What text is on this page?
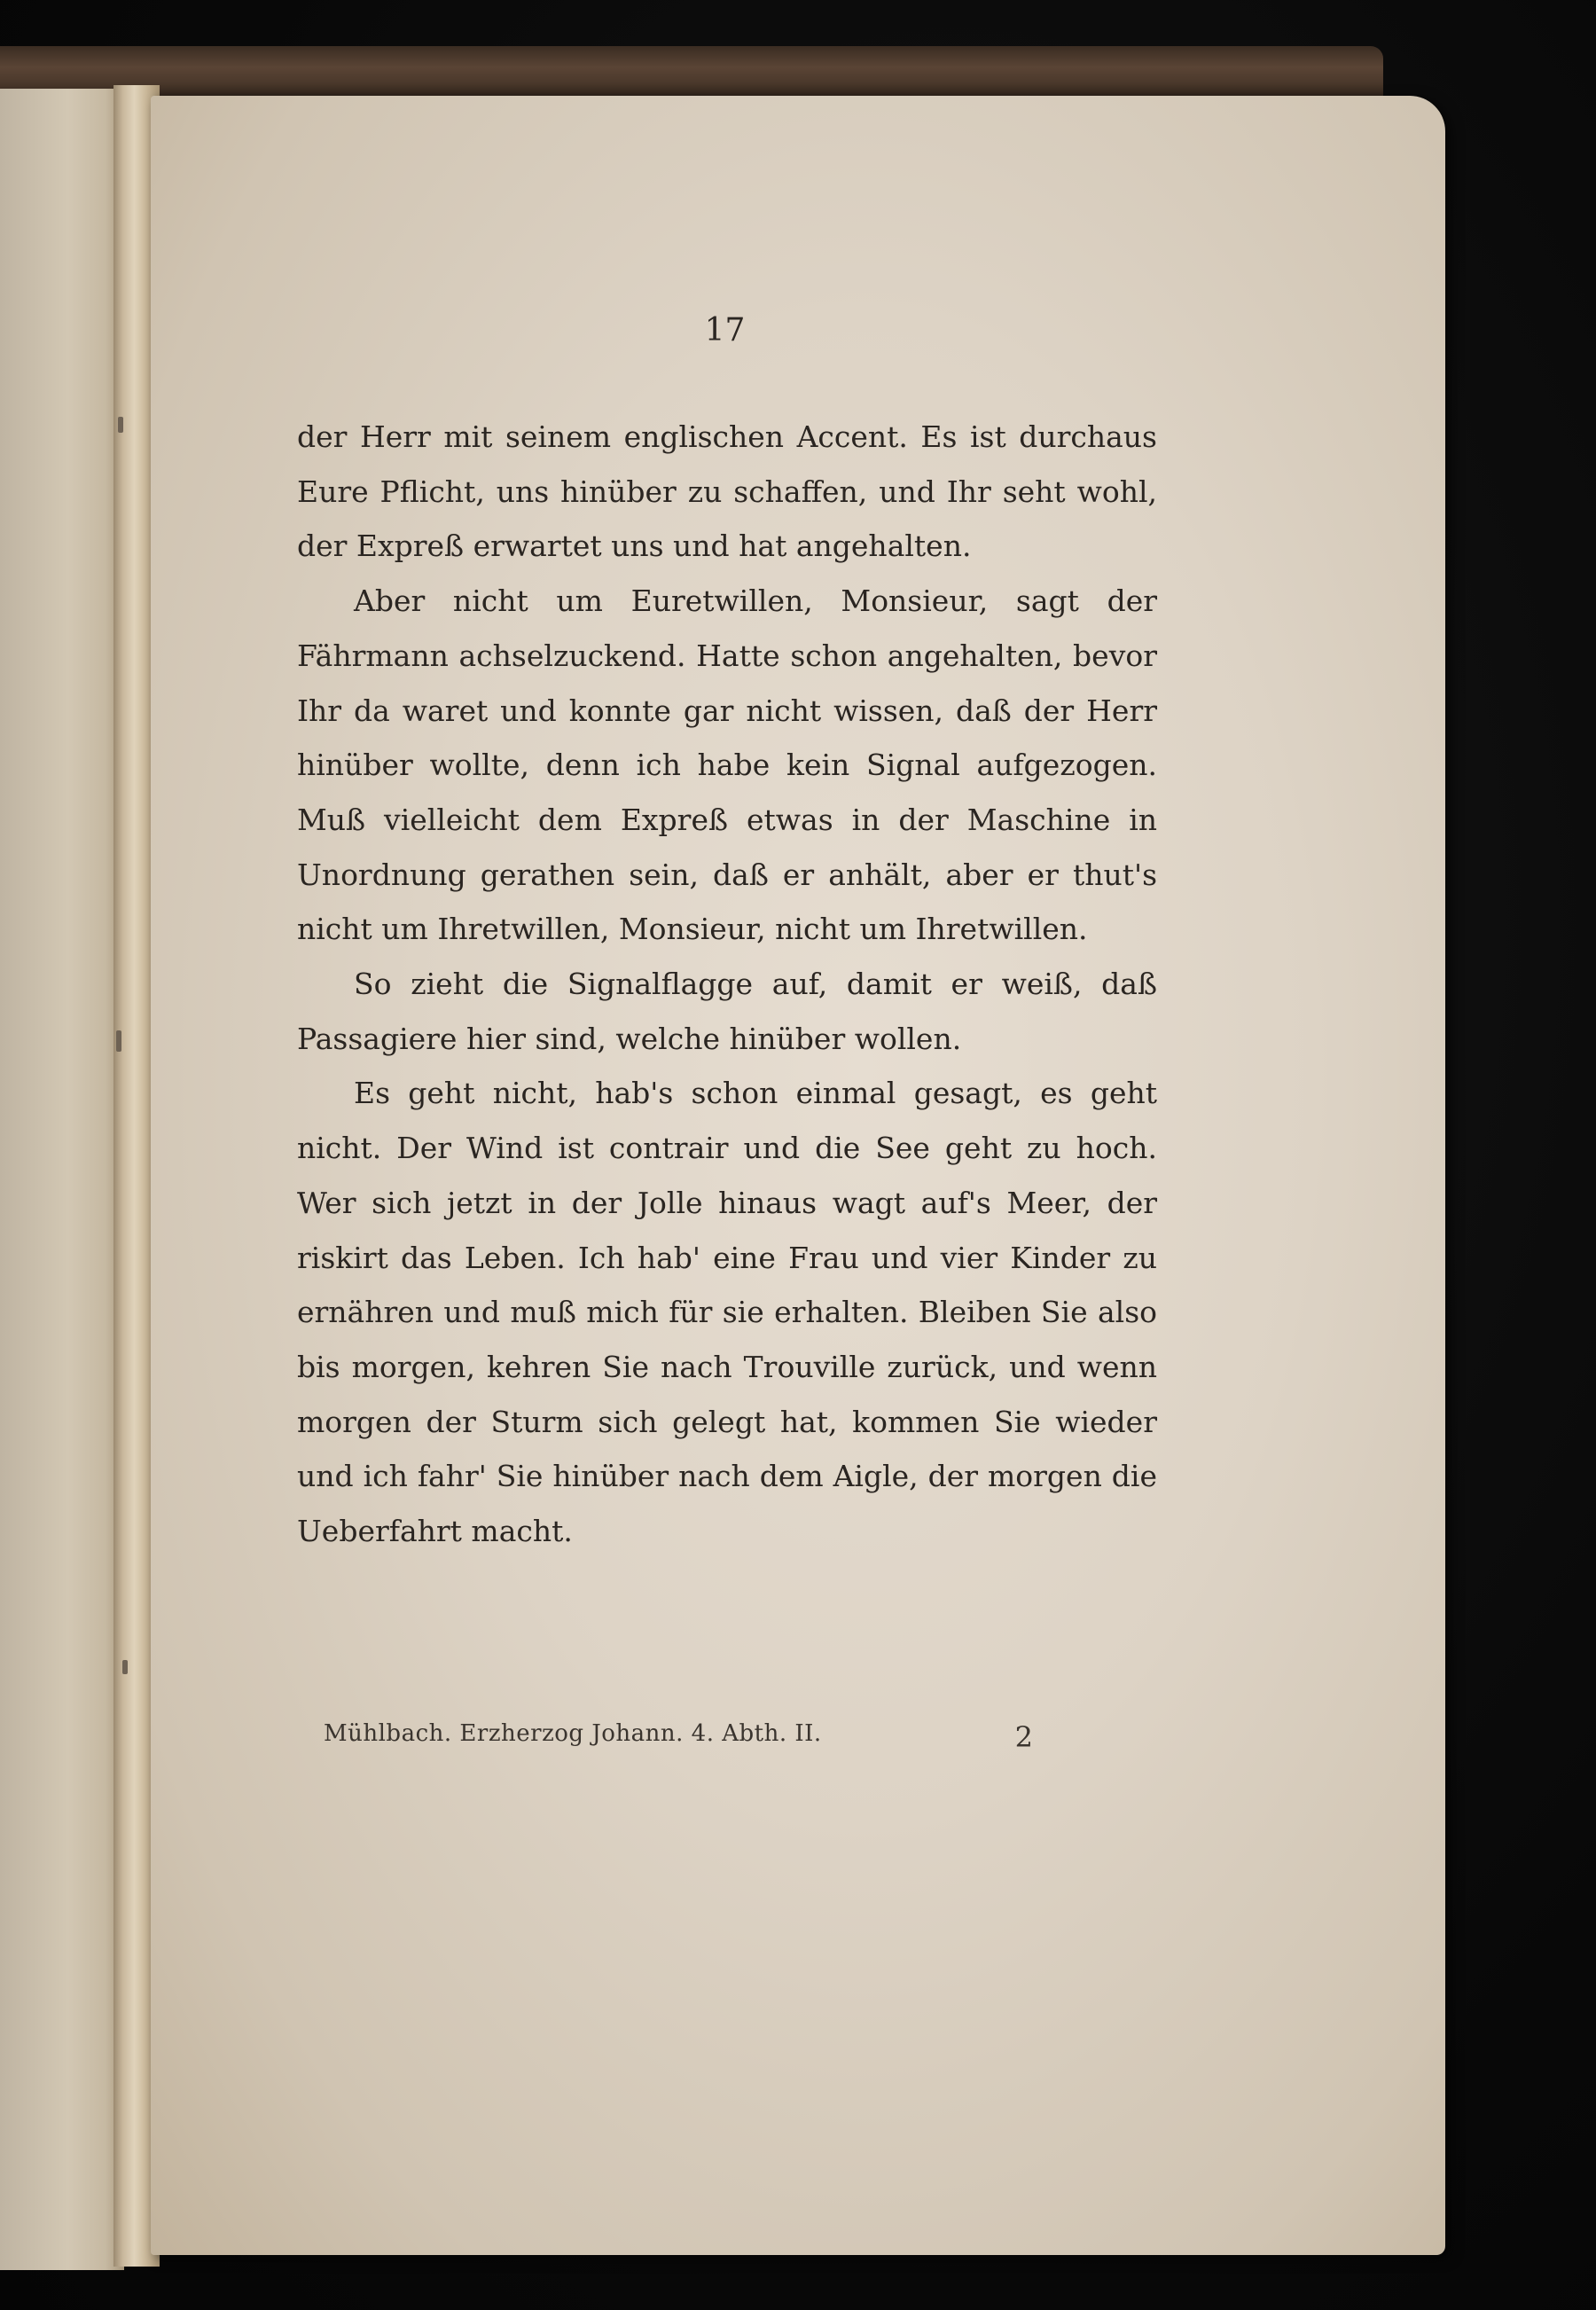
17

der Herr mit seinem englischen Accent. Es ist durchaus Eure Pflicht, uns hinüber zu schaffen, und Ihr seht wohl, der Expreß erwartet uns und hat angehalten.

Aber nicht um Euretwillen, Monsieur, sagt der Fährmann achselzuckend. Hatte schon angehalten, bevor Ihr da waret und konnte gar nicht wissen, daß der Herr hinüber wollte, denn ich habe kein Signal aufgezogen. Muß vielleicht dem Expreß etwas in der Maschine in Unordnung gerathen sein, daß er anhält, aber er thut's nicht um Ihretwillen, Monsieur, nicht um Ihretwillen.

So zieht die Signalflagge auf, damit er weiß, daß Passagiere hier sind, welche hinüber wollen.

Es geht nicht, hab's schon einmal gesagt, es geht nicht. Der Wind ist contrair und die See geht zu hoch. Wer sich jetzt in der Jolle hinaus wagt auf's Meer, der riskirt das Leben. Ich hab' eine Frau und vier Kinder zu ernähren und muß mich für sie erhalten. Bleiben Sie also bis morgen, kehren Sie nach Trouville zurück, und wenn morgen der Sturm sich gelegt hat, kommen Sie wieder und ich fahr' Sie hinüber nach dem Aigle, der morgen die Ueberfahrt macht.

Mühlbach. Erzherzog Johann. 4. Abth. II.	2
